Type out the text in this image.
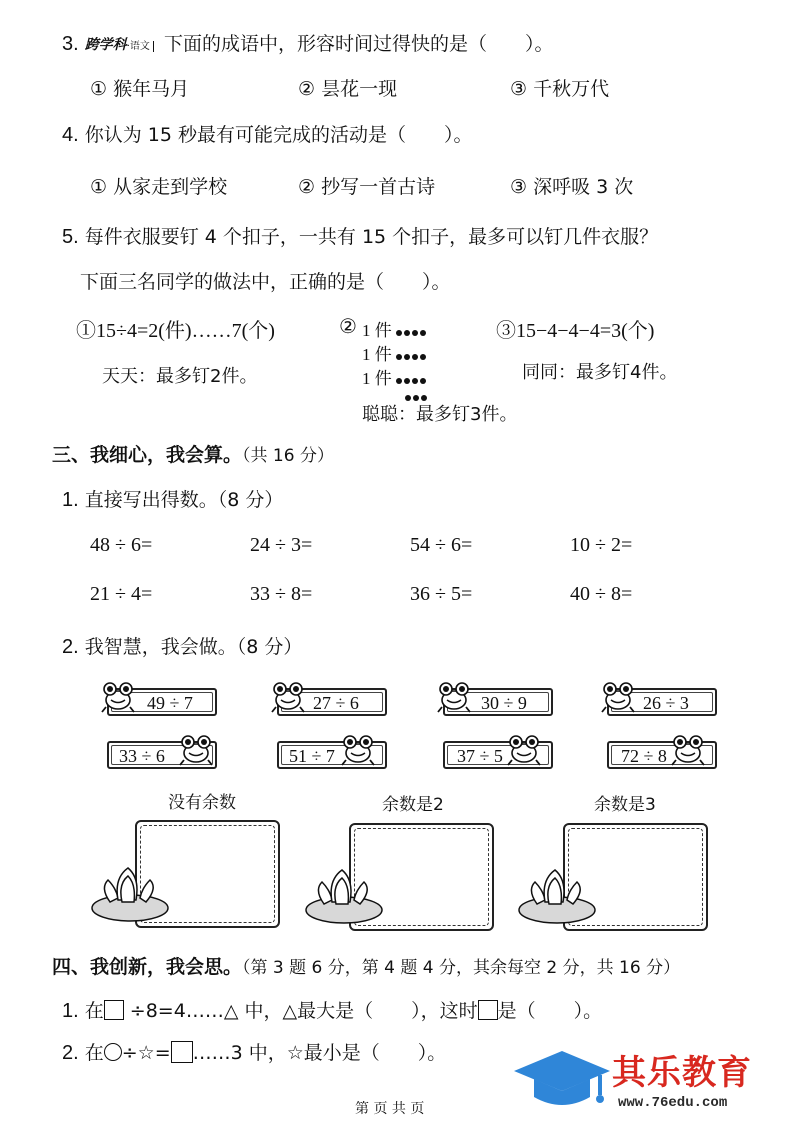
3. 跨学科·语文 下面的成语中，形容时间过得快的是（　　）。
① 猴年马月	② 昙花一现	③ 千秋万代
4. 你认为 15 秒最有可能完成的活动是（　　）。
① 从家走到学校	② 抄写一首古诗	③ 深呼吸 3 次
5. 每件衣服要钉 4 个扣子，一共有 15 个扣子，最多可以钉几件衣服？
下面三名同学的做法中，正确的是（　　）。
①15÷4=2(件)……7(个)	② 1 件
1 件
1 件
③15−4−4−4=3(个)
天天：最多钉2件。
聪聪：最多钉3件。
同同：最多钉4件。
三、我细心，我会算。（共 16 分）
1. 直接写出得数。（8 分）
48 ÷ 6=	24 ÷ 3=	54 ÷ 6=	10 ÷ 2=
21 ÷ 4=	33 ÷ 8=	36 ÷ 5=	40 ÷ 8=
2. 我智慧，我会做。（8 分）
49 ÷ 7	27 ÷ 6	30 ÷ 9	26 ÷ 3
33 ÷ 6	51 ÷ 7	37 ÷ 5	72 ÷ 8
没有余数	余数是2	余数是3
四、我创新，我会思。（第 3 题 6 分，第 4 题 4 分，其余每空 2 分，共 16 分）
1. 在 ÷8=4……△ 中，△最大是（　　），这时 是（　　）。
2. 在 ÷☆= ……3 中，☆最小是（　　）。
第 页 共 页
其乐教育
www.76edu.com
